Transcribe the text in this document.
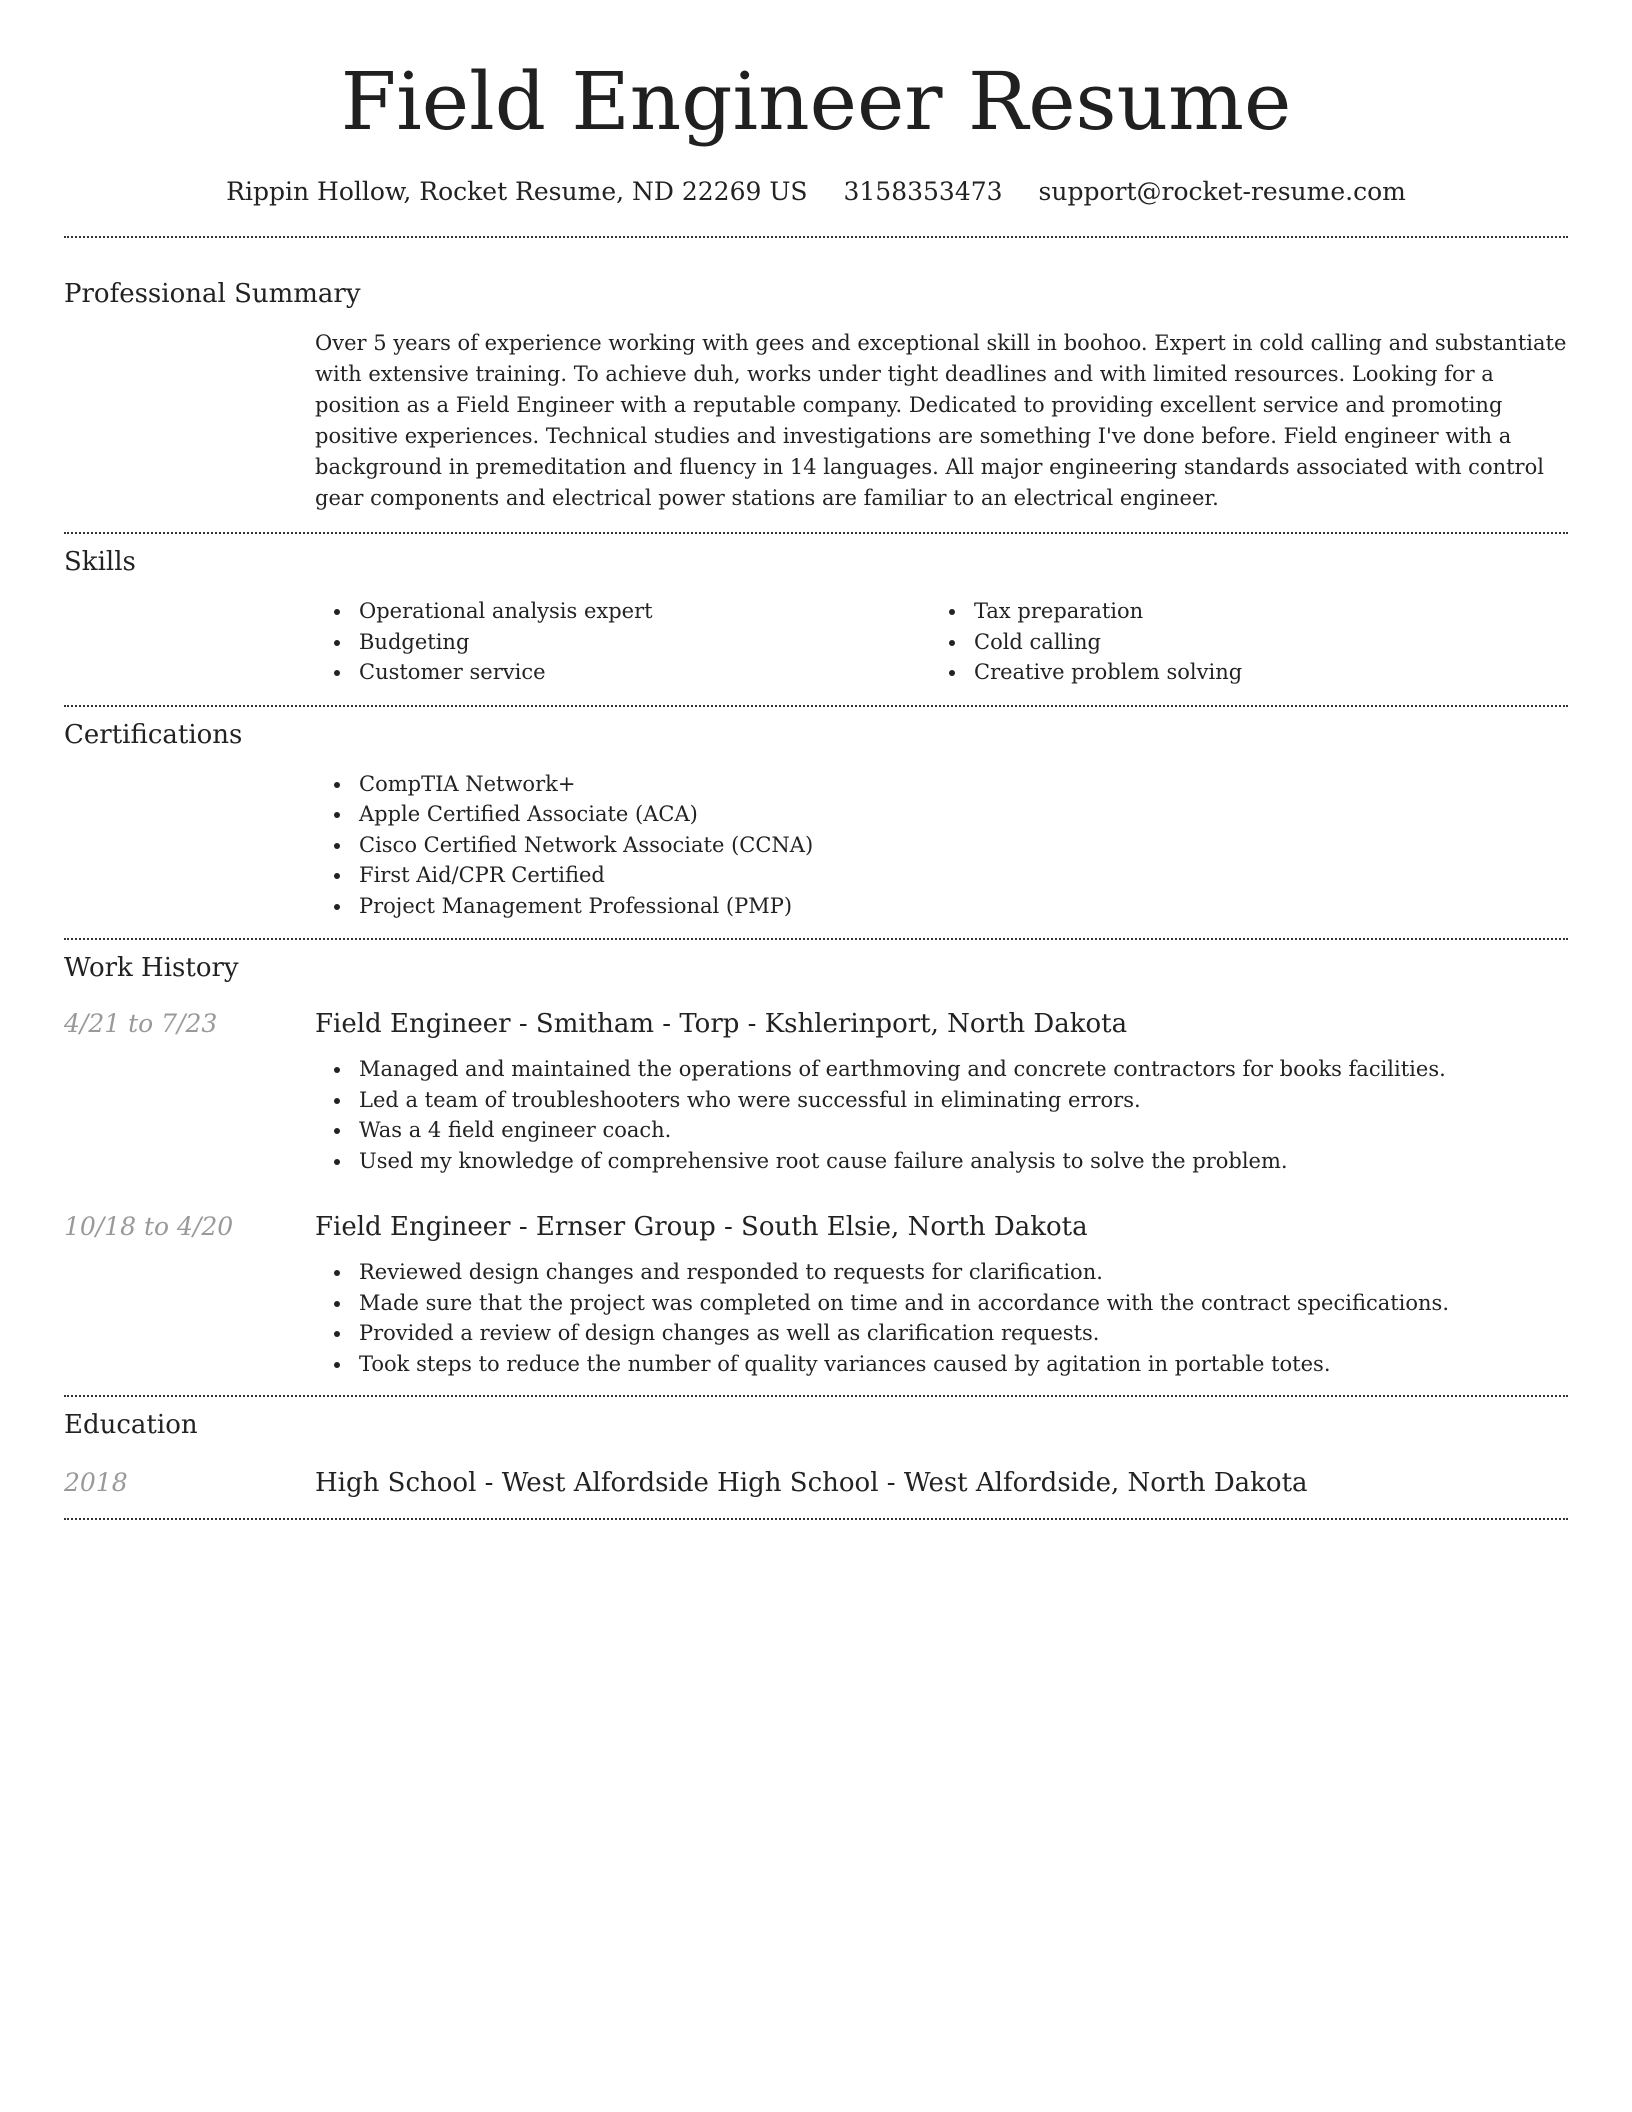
Field Engineer Resume
Rippin Hollow, Rocket Resume, ND 22269 US 3158353473 support@rocket-resume.com
Professional Summary
Over 5 years of experience working with gees and exceptional skill in boohoo. Expert in cold calling and substantiate with extensive training. To achieve duh, works under tight deadlines and with limited resources. Looking for a position as a Field Engineer with a reputable company. Dedicated to providing excellent service and promoting positive experiences. Technical studies and investigations are something I've done before. Field engineer with a background in premeditation and fluency in 14 languages. All major engineering standards associated with control gear components and electrical power stations are familiar to an electrical engineer.
Skills
Operational analysis expert
Budgeting
Customer service
Tax preparation
Cold calling
Creative problem solving
Certifications
CompTIA Network+
Apple Certified Associate (ACA)
Cisco Certified Network Associate (CCNA)
First Aid/CPR Certified
Project Management Professional (PMP)
Work History
4/21 to 7/23	Field Engineer - Smitham - Torp - Kshlerinport, North Dakota
Managed and maintained the operations of earthmoving and concrete contractors for books facilities.
Led a team of troubleshooters who were successful in eliminating errors.
Was a 4 field engineer coach.
Used my knowledge of comprehensive root cause failure analysis to solve the problem.
10/18 to 4/20	Field Engineer - Ernser Group - South Elsie, North Dakota
Reviewed design changes and responded to requests for clarification.
Made sure that the project was completed on time and in accordance with the contract specifications.
Provided a review of design changes as well as clarification requests.
Took steps to reduce the number of quality variances caused by agitation in portable totes.
Education
2018	High School - West Alfordside High School - West Alfordside, North Dakota
